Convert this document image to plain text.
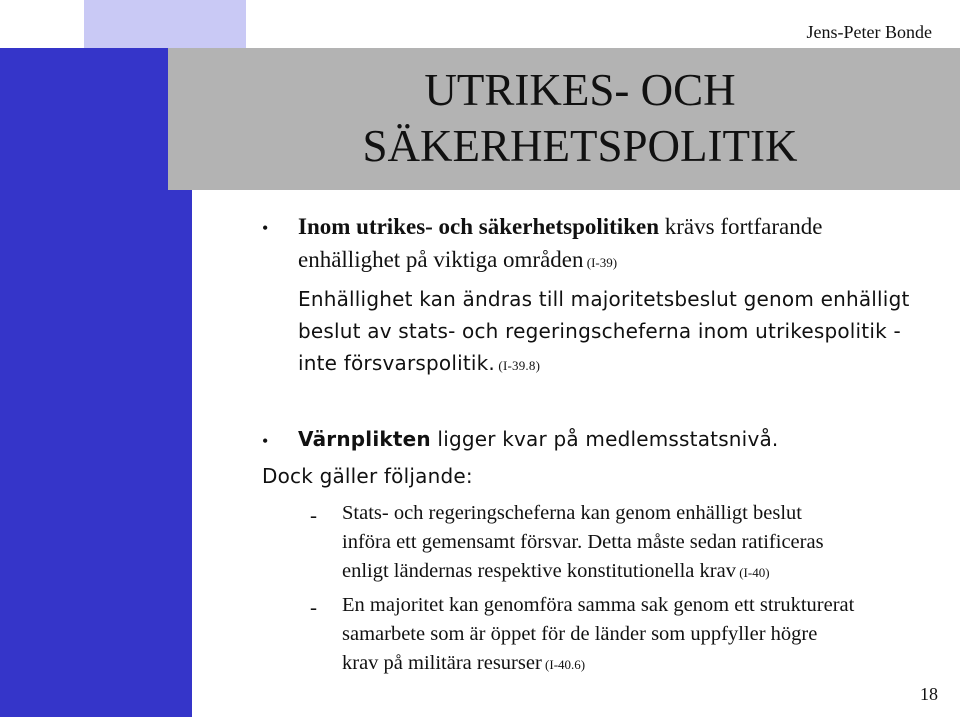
Jens-Peter Bonde
UTRIKES- OCH
SÄKERHETSPOLITIK
• Inom utrikes- och säkerhetspolitiken krävs fortfarande
enhällighet på viktiga områden (I-39)
Enhällighet kan ändras till majoritetsbeslut genom enhälligt
beslut av stats- och regeringscheferna inom utrikespolitik -
inte försvarspolitik. (I-39.8)
• Värnplikten ligger kvar på medlemsstatsnivå.
Dock gäller följande:
- Stats- och regeringscheferna kan genom enhälligt beslut
införa ett gemensamt försvar. Detta måste sedan ratificeras
enligt ländernas respektive konstitutionella krav (I-40)
- En majoritet kan genomföra samma sak genom ett strukturerat
samarbete som är öppet för de länder som uppfyller högre
krav på militära resurser (I-40.6)
18
